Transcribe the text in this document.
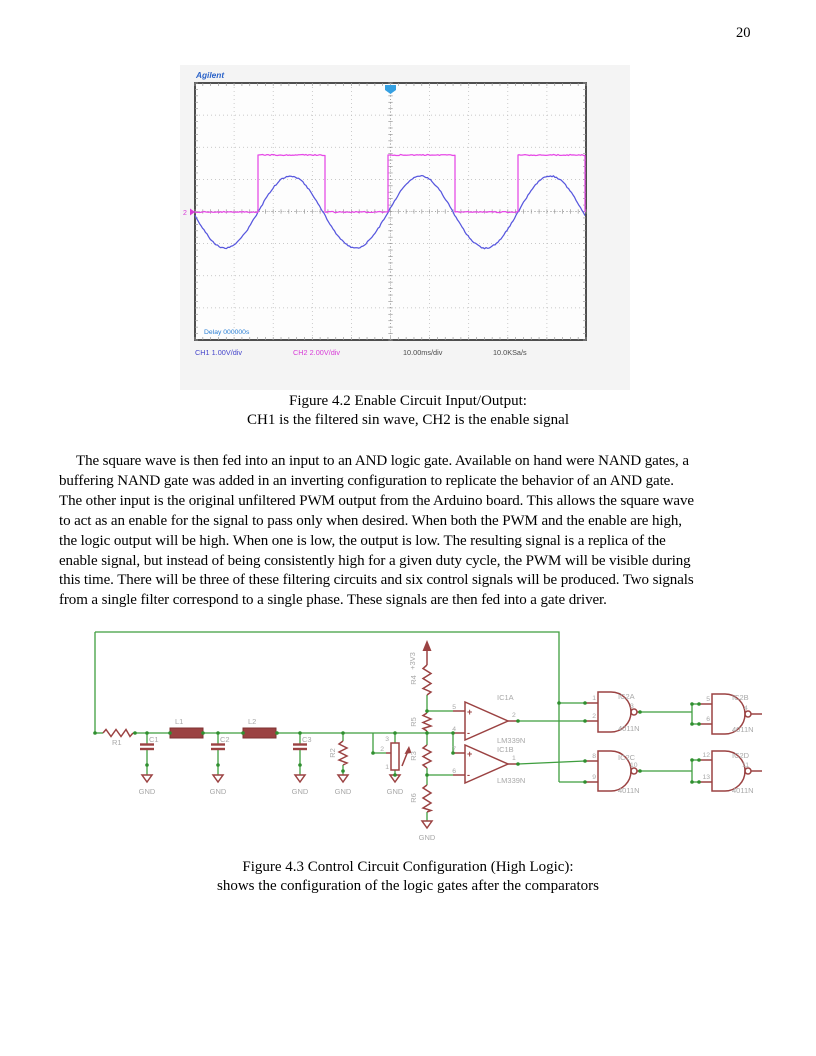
20
Agilent
2
Delay 000000s
CH1 1.00V/div	CH2 2.00V/div	10.00ms/div	10.0KSa/s
Figure 4.2 Enable Circuit Input/Output:
CH1 is the filtered sin wave, CH2 is the enable signal
The square wave is then fed into an input to an AND logic gate. Available on hand were NAND gates, a
buffering NAND gate was added in an inverting configuration to replicate the behavior of an AND gate.
The other input is the original unfiltered PWM output from the Arduino board. This allows the square wave
to act as an enable for the signal to pass only when desired. When both the PWM and the enable are high,
the logic output will be high. When one is low, the output is low. The resulting signal is a replica of the
enable signal, but instead of being consistently high for a given duty cycle, the PWM will be visible during
this time. There will be three of these filtering circuits and six control signals will be produced. Two signals
from a single filter correspond to a single phase. These signals are then fed into a gate driver.
+
-
+
-
R1	C1
L1
C2
L2
C3
R2
GND	GND	GND	GND	GND
GND
+3V3
R4
R5
R3
R6
3
2
1
5
4
2
7
6
1
IC1A
LM339N
IC1B
LM339N
1
2
3
IC2A
4011N
5
6
4
IC2B
4011N
8
9
10
IC2C
4011N
12
13
11
IC2D
4011N
Figure 4.3 Control Circuit Configuration (High Logic):
shows the configuration of the logic gates after the comparators
